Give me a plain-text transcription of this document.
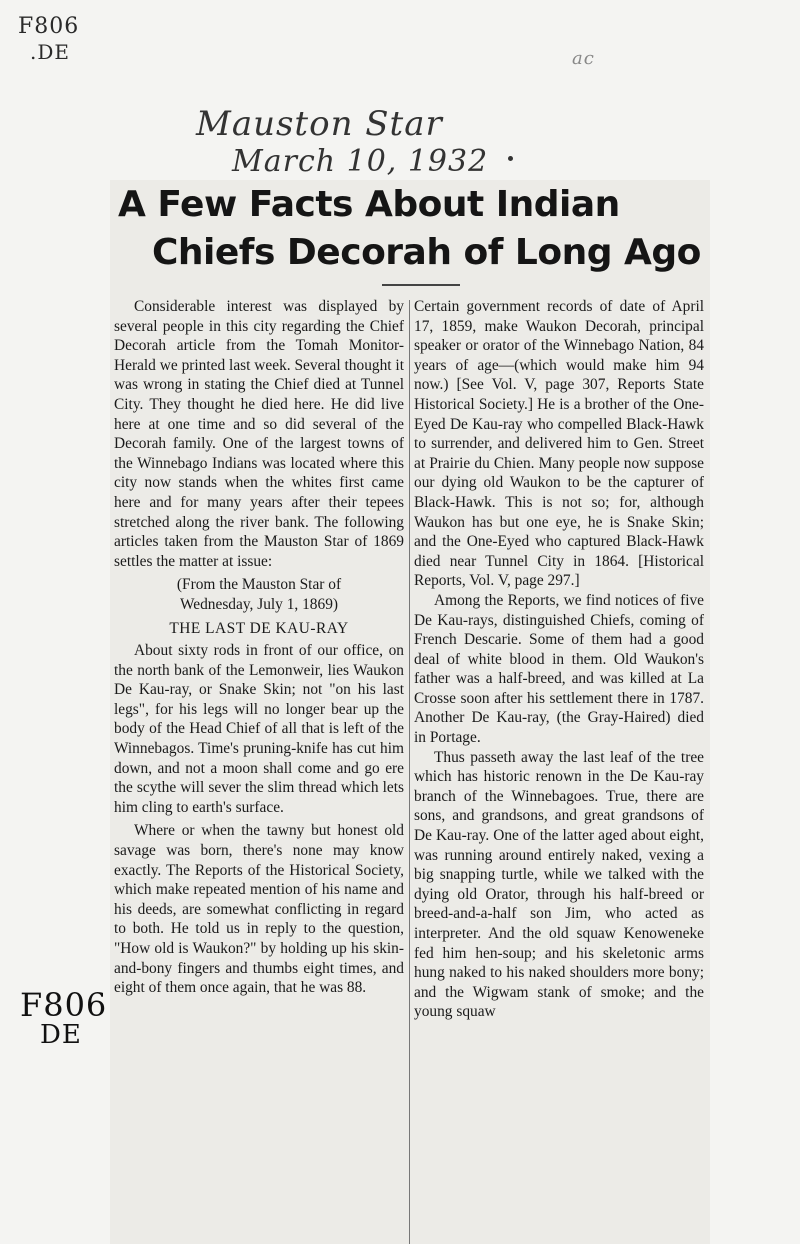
F806
.DE	ac
Mauston Star
March 10, 1932
F806
DE
A Few Facts About Indian
Chiefs Decorah of Long Ago

Considerable interest was displayed by several people in this city regarding the Chief Decorah article from the Tomah Monitor-Herald we printed last week. Several thought it was wrong in stating the Chief died at Tunnel City. They thought he died here. He did live here at one time and so did several of the Decorah family. One of the largest towns of the Winnebago Indians was located where this city now stands when the whites first came here and for many years after their tepees stretched along the river bank. The following articles taken from the Mauston Star of 1869 settles the matter at issue:

(From the Mauston Star of

Wednesday, July 1, 1869)

THE LAST DE KAU-RAY

About sixty rods in front of our office, on the north bank of the Lemonweir, lies Waukon De Kau-ray, or Snake Skin; not "on his last legs", for his legs will no longer bear up the body of the Head Chief of all that is left of the Winnebagos. Time's pruning-knife has cut him down, and not a moon shall come and go ere the scythe will sever the slim thread which lets him cling to earth's surface.

Where or when the tawny but honest old savage was born, there's none may know exactly. The Reports of the Historical Society, which make repeated mention of his name and his deeds, are somewhat conflicting in regard to both. He told us in reply to the question, "How old is Waukon?" by holding up his skin-and-bony fingers and thumbs eight times, and eight of them once again, that he was 88.

Certain government records of date of April 17, 1859, make Waukon Decorah, principal speaker or orator of the Winnebago Nation, 84 years of age—(which would make him 94 now.) [See Vol. V, page 307, Reports State Historical Society.] He is a brother of the One-Eyed De Kau-ray who compelled Black-Hawk to surrender, and delivered him to Gen. Street at Prairie du Chien. Many people now suppose our dying old Waukon to be the capturer of Black-Hawk. This is not so; for, although Waukon has but one eye, he is Snake Skin; and the One-Eyed who captured Black-Hawk died near Tunnel City in 1864. [Historical Reports, Vol. V, page 297.]

Among the Reports, we find notices of five De Kau-rays, distinguished Chiefs, coming of French Descarie. Some of them had a good deal of white blood in them. Old Waukon's father was a half-breed, and was killed at La Crosse soon after his settlement there in 1787. Another De Kau-ray, (the Gray-Haired) died in Portage.

Thus passeth away the last leaf of the tree which has historic renown in the De Kau-ray branch of the Winnebagoes. True, there are sons, and grandsons, and great grandsons of De Kau-ray. One of the latter aged about eight, was running around entirely naked, vexing a big snapping turtle, while we talked with the dying old Orator, through his half-breed or breed-and-a-half son Jim, who acted as interpreter. And the old squaw Kenoweneke fed him hen-soup; and his skeletonic arms hung naked to his naked shoulders more bony; and the Wigwam stank of smoke; and the young squaw
